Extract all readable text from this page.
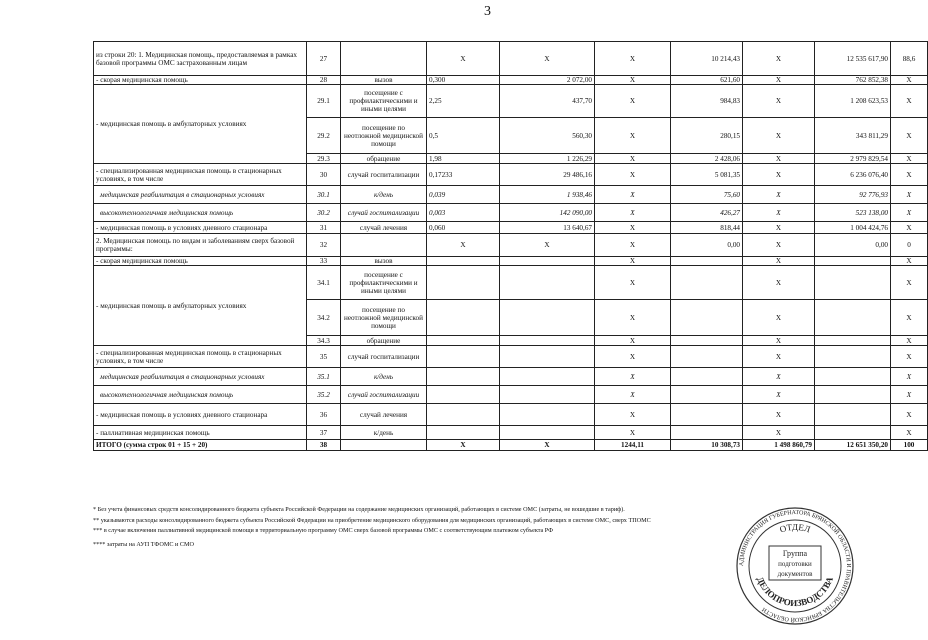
3
из строки 20: 1. Медицинская помощь, предоставляемая в рамках базовой программы ОМС застрахованным лицам	27		Х	Х	Х	10 214,43	Х	12 535 617,90	88,6
- скорая медицинская помощь	28	вызов	0,300	2 072,00	Х	621,60	Х	762 852,38	Х
- медицинская помощь в амбулаторных условиях	29.1	посещение с профилактическими и иными целями	2,25	437,70	Х	984,83	Х	1 208 623,53	Х
	29.2	посещение по неотложной медицинской помощи	0,5	560,30	Х	280,15	Х	343 811,29	Х
	29.3	обращение	1,98	1 226,29	Х	2 428,06	Х	2 979 829,54	Х
- специализированная медицинская помощь в стационарных условиях, в том числе	30	случай госпитализации	0,17233	29 486,16	Х	5 081,35	Х	6 236 076,40	Х
медицинская реабилитация в стационарных условиях	30.1	к/день	0,039	1 938,46	Х	75,60	Х	92 776,93	Х
высокотехнологичная медицинская помощь	30.2	случай госпитализации	0,003	142 090,00	Х	426,27	Х	523 138,00	Х
- медицинская помощь в условиях дневного стационара	31	случай лечения	0,060	13 640,67	Х	818,44	Х	1 004 424,76	Х
2. Медицинская помощь по видам и заболеваниям сверх базовой программы:	32		Х	Х	Х	0,00	Х	0,00	0
- скорая медицинская помощь	33	вызов			Х		Х		Х
- медицинская помощь в амбулаторных условиях	34.1	посещение с профилактическими и иными целями			Х		Х		Х
	34.2	посещение по неотложной медицинской помощи			Х		Х		Х
	34.3	обращение			Х		Х		Х
- специализированная медицинская помощь в стационарных условиях, в том числе	35	случай госпитализации			Х		Х		Х
медицинская реабилитация в стационарных условиях	35.1	к/день			Х		Х		Х
высокотехнологичная медицинская помощь	35.2	случай госпитализации			Х		Х		Х
- медицинская помощь в условиях дневного стационара	36	случай лечения			Х		Х		Х
- паллиативная медицинская помощь	37	к/день			Х		Х		Х
ИТОГО (сумма строк 01 + 15 + 20)	38		Х	Х	1244,11	10 308,73	1 498 860,79	12 651 350,20	100
* Без учета финансовых средств консолидированного бюджета субъекта Российской Федерации на содержание медицинских организаций, работающих в системе ОМС (затраты, не вошедшие в тариф).
** указываются расходы консолидированного бюджета субъекта Российской Федерации на приобретение медицинского оборудования для медицинских организаций, работающих в системе ОМС, сверх ТПОМС
*** в случае включения паллиативной медицинской помощи в территориальную программу ОМС сверх базовой программы ОМС с соответствующим платежом субъекта РФ
**** затраты на АУП ТФОМС и СМО
АДМИНИСТРАЦИЯ ГУБЕРНАТОРА БРЯНСКОЙ ОБЛАСТИ И ПРАВИТЕЛЬСТВА БРЯНСКОЙ ОБЛАСТИ
ОТДЕЛ
ДЕЛОПРОИЗВОДСТВА
Группа
подготовки
документов
